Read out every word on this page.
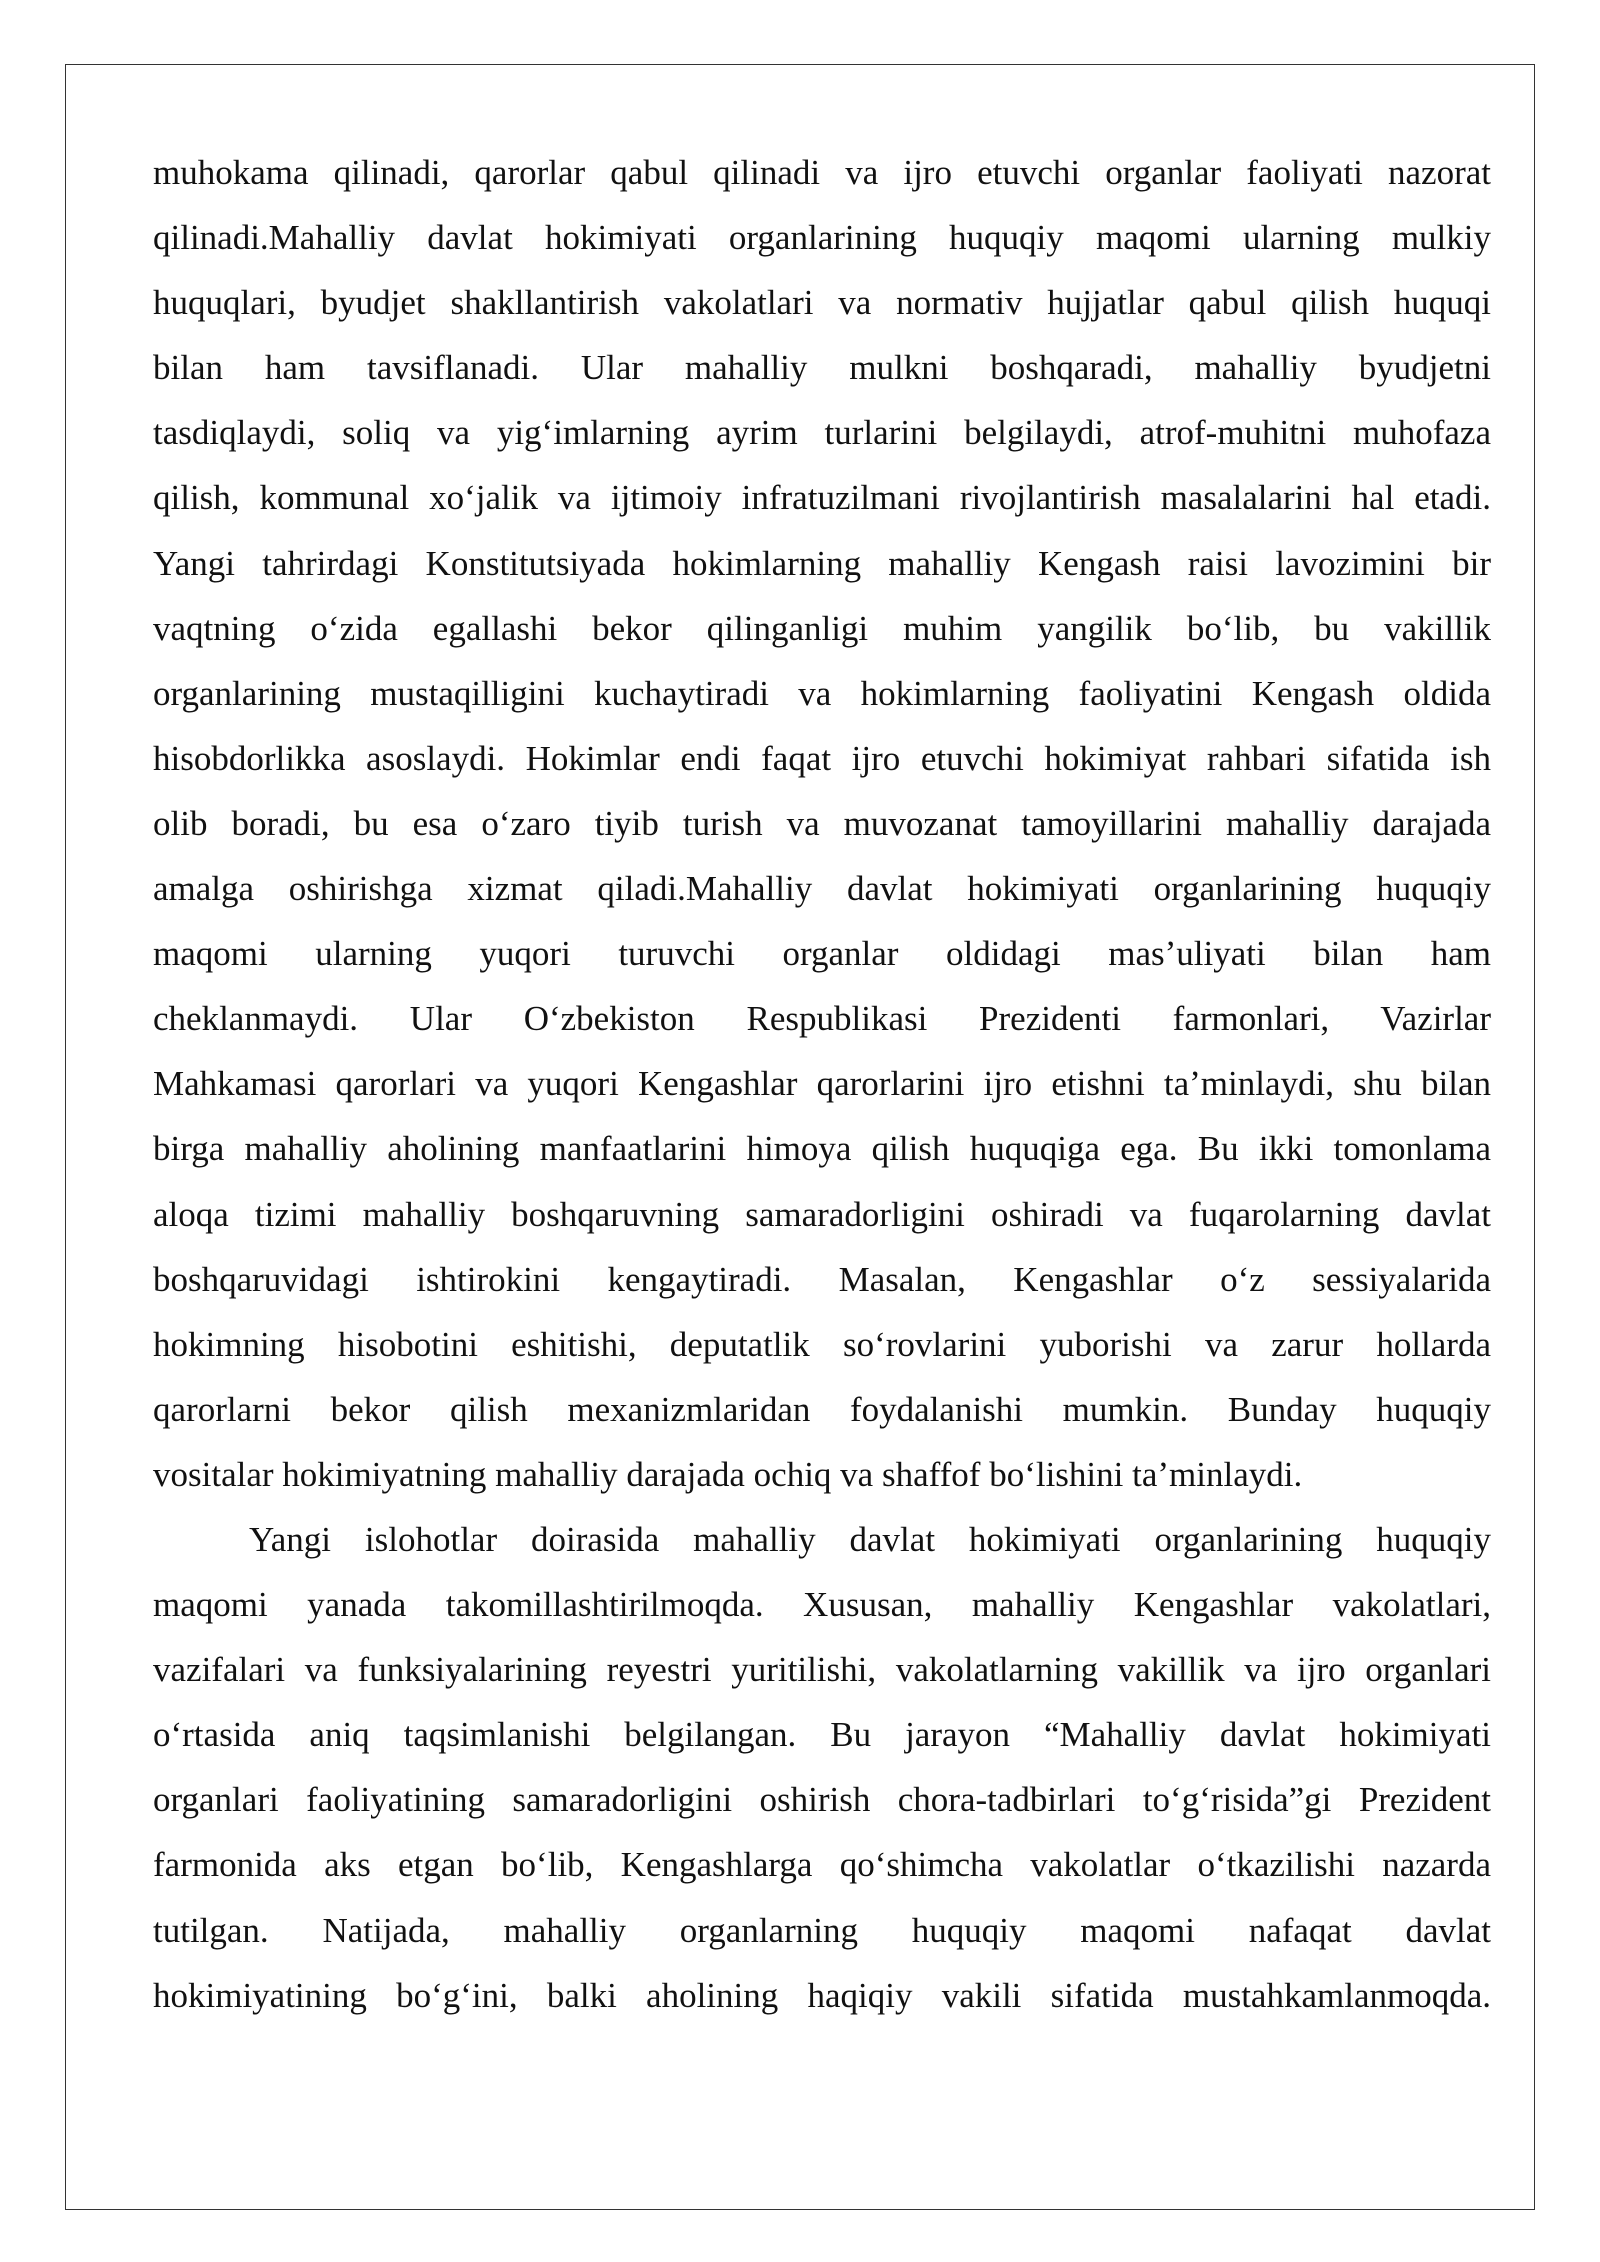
muhokama qilinadi, qarorlar qabul qilinadi va ijro etuvchi organlar faoliyati nazorat
qilinadi.Mahalliy davlat hokimiyati organlarining huquqiy maqomi ularning mulkiy
huquqlari, byudjet shakllantirish vakolatlari va normativ hujjatlar qabul qilish huquqi
bilan ham tavsiflanadi. Ular mahalliy mulkni boshqaradi, mahalliy byudjetni
tasdiqlaydi, soliq va yigʻimlarning ayrim turlarini belgilaydi, atrof-muhitni muhofaza
qilish, kommunal xoʻjalik va ijtimoiy infratuzilmani rivojlantirish masalalarini hal etadi.
Yangi tahrirdagi Konstitutsiyada hokimlarning mahalliy Kengash raisi lavozimini bir
vaqtning oʻzida egallashi bekor qilinganligi muhim yangilik boʻlib, bu vakillik
organlarining mustaqilligini kuchaytiradi va hokimlarning faoliyatini Kengash oldida
hisobdorlikka asoslaydi. Hokimlar endi faqat ijro etuvchi hokimiyat rahbari sifatida ish
olib boradi, bu esa oʻzaro tiyib turish va muvozanat tamoyillarini mahalliy darajada
amalga oshirishga xizmat qiladi.Mahalliy davlat hokimiyati organlarining huquqiy
maqomi ularning yuqori turuvchi organlar oldidagi masʼuliyati bilan ham
cheklanmaydi. Ular Oʻzbekiston Respublikasi Prezidenti farmonlari, Vazirlar
Mahkamasi qarorlari va yuqori Kengashlar qarorlarini ijro etishni taʼminlaydi, shu bilan
birga mahalliy aholining manfaatlarini himoya qilish huquqiga ega. Bu ikki tomonlama
aloqa tizimi mahalliy boshqaruvning samaradorligini oshiradi va fuqarolarning davlat
boshqaruvidagi ishtirokini kengaytiradi. Masalan, Kengashlar oʻz sessiyalarida
hokimning hisobotini eshitishi, deputatlik soʻrovlarini yuborishi va zarur hollarda
qarorlarni bekor qilish mexanizmlaridan foydalanishi mumkin. Bunday huquqiy
vositalar hokimiyatning mahalliy darajada ochiq va shaffof boʻlishini taʼminlaydi.
Yangi islohotlar doirasida mahalliy davlat hokimiyati organlarining huquqiy
maqomi yanada takomillashtirilmoqda. Xususan, mahalliy Kengashlar vakolatlari,
vazifalari va funksiyalarining reyestri yuritilishi, vakolatlarning vakillik va ijro organlari
oʻrtasida aniq taqsimlanishi belgilangan. Bu jarayon “Mahalliy davlat hokimiyati
organlari faoliyatining samaradorligini oshirish chora-tadbirlari toʻgʻrisida”gi Prezident
farmonida aks etgan boʻlib, Kengashlarga qoʻshimcha vakolatlar oʻtkazilishi nazarda
tutilgan. Natijada, mahalliy organlarning huquqiy maqomi nafaqat davlat
hokimiyatining boʻgʻini, balki aholining haqiqiy vakili sifatida mustahkamlanmoqda.
